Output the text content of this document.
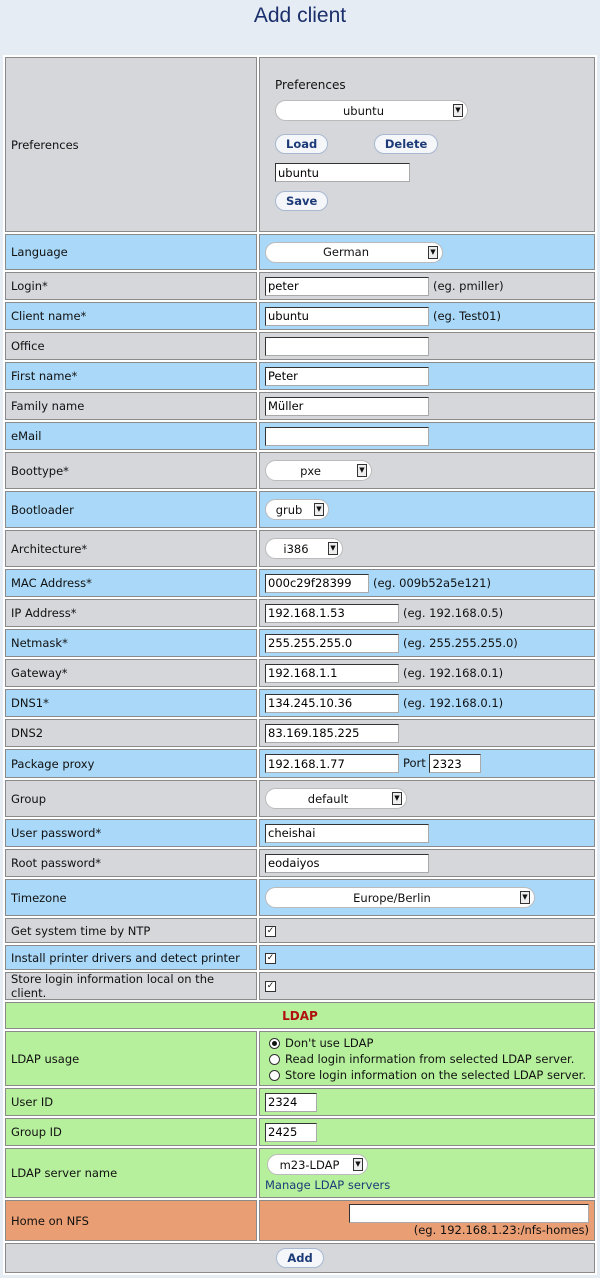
Add client
Preferences	Preferences
ubuntu ▼
Load Delete
ubuntu
Save

Language	German ▼

Login*	peter(eg. pmiller)
Client name*	ubuntu(eg. Test01)
Office	
First name*	Peter
Family name	Müller
eMail	
Boottype*	pxe ▼

Bootloader	grub ▼

Architecture*	i386 ▼

MAC Address*	000c29f28399(eg. 009b52a5e121)
IP Address*	192.168.1.53(eg. 192.168.0.5)
Netmask*	255.255.255.0(eg. 255.255.255.0)
Gateway*	192.168.1.1(eg. 192.168.0.1)
DNS1*	134.245.10.36(eg. 192.168.0.1)
DNS2	83.169.185.225
Package proxy	192.168.1.77Port 2323
Group	default ▼

User password*	cheishai
Root password*	eodaiyos
Timezone	Europe/Berlin ▼

Get system time by NTP	✓
Install printer drivers and detect printer	✓
Store login information local on the client.	✓
LDAP	
LDAP usage	Don't use LDAP
Read login information from selected LDAP server.
Store login information on the selected LDAP server.

User ID	2324
Group ID	2425
LDAP server name	m23-LDAP ▼
Manage LDAP servers

Home on NFS	(eg. 192.168.1.23:/nfs-homes)
Add	
